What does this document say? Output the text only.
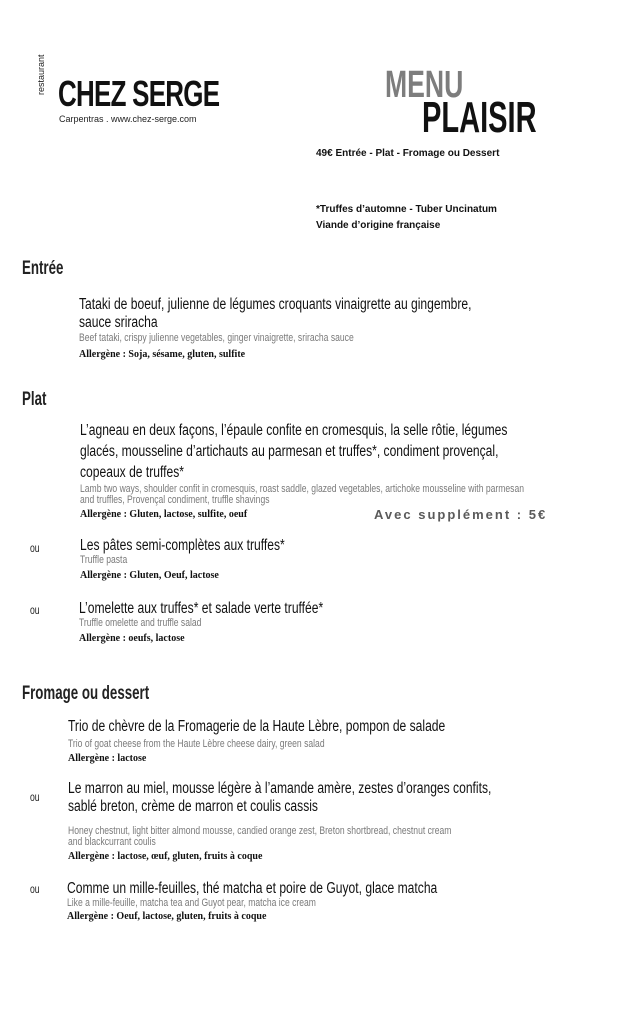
restaurant CHEZ SERGE
Carpentras . www.chez-serge.com
MENU
PLAISIR
49€ Entrée - Plat - Fromage ou Dessert
*Truffes d’automne - Tuber Uncinatum
Viande d’origine française
Entrée
Tataki de boeuf, julienne de légumes croquants vinaigrette au gingembre,
sauce sriracha
Beef tataki, crispy julienne vegetables, ginger vinaigrette, sriracha sauce
Allergène : Soja, sésame, gluten, sulfite
Plat
L’agneau en deux façons, l’épaule confite en cromesquis, la selle rôtie, légumes
glacés, mousseline d’artichauts au parmesan et truffes*, condiment provençal,
copeaux de truffes*
Lamb two ways, shoulder confit in cromesquis, roast saddle, glazed vegetables, artichoke mousseline with parmesan
and truffles, Provençal condiment, truffle shavings
Allergène : Gluten, lactose, sulfite, oeuf	Avec supplément : 5€
ou	Les pâtes semi-complètes aux truffes*
Truffle pasta
Allergène : Gluten, Oeuf, lactose
ou	L’omelette aux truffes* et salade verte truffée*
Truffle omelette and truffle salad
Allergène : oeufs, lactose
Fromage ou dessert
Trio de chèvre de la Fromagerie de la Haute Lèbre, pompon de salade
Trio of goat cheese from the Haute Lèbre cheese dairy, green salad
Allergène : lactose
ou Le marron au miel, mousse légère à l’amande amère, zestes d’oranges confits,
sablé breton, crème de marron et coulis cassis
Honey chestnut, light bitter almond mousse, candied orange zest, Breton shortbread, chestnut cream
and blackcurrant coulis
Allergène : lactose, œuf, gluten, fruits à coque
ou Comme un mille-feuilles, thé matcha et poire de Guyot, glace matcha
Like a mille-feuille, matcha tea and Guyot pear, matcha ice cream
Allergène : Oeuf, lactose, gluten, fruits à coque
